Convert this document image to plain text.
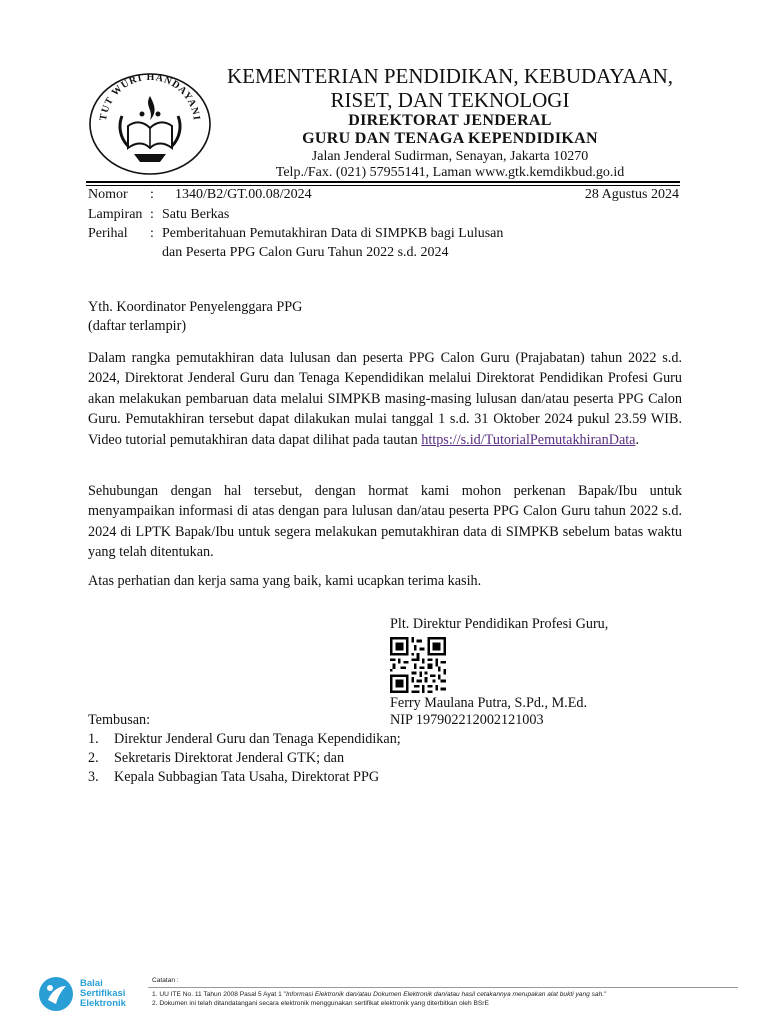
TUT WURI HANDAYANI
KEMENTERIAN PENDIDIKAN, KEBUDAYAAN,
RISET, DAN TEKNOLOGI
DIREKTORAT JENDERAL
GURU DAN TENAGA KEPENDIDIKAN
Jalan Jenderal Sudirman, Senayan, Jakarta 10270
Telp./Fax. (021) 57955141, Laman www.gtk.kemdikbud.go.id
Nomor : 1340/B2/GT.00.08/2024	28 Agustus 2024
Lampiran : Satu Berkas
Perihal : Pemberitahuan Pemutakhiran Data di SIMPKB bagi Lulusan
dan Peserta PPG Calon Guru Tahun 2022 s.d. 2024
Yth. Koordinator Penyelenggara PPG
(daftar terlampir)
Dalam rangka pemutakhiran data lulusan dan peserta PPG Calon Guru (Prajabatan) tahun 2022 s.d. 2024, Direktorat Jenderal Guru dan Tenaga Kependidikan melalui Direktorat Pendidikan Profesi Guru akan melakukan pembaruan data melalui SIMPKB masing-masing lulusan dan/atau peserta PPG Calon Guru. Pemutakhiran tersebut dapat dilakukan mulai tanggal 1 s.d. 31 Oktober 2024 pukul 23.59 WIB. Video tutorial pemutakhiran data dapat dilihat pada tautan https://s.id/TutorialPemutakhiranData.
Sehubungan dengan hal tersebut, dengan hormat kami mohon perkenan Bapak/Ibu untuk menyampaikan informasi di atas dengan para lulusan dan/atau peserta PPG Calon Guru tahun 2022 s.d. 2024 di LPTK Bapak/Ibu untuk segera melakukan pemutakhiran data di SIMPKB sebelum batas waktu yang telah ditentukan.
Atas perhatian dan kerja sama yang baik, kami ucapkan terima kasih.
Plt. Direktur Pendidikan Profesi Guru,
Ferry Maulana Putra, S.Pd., M.Ed.
NIP 197902212002121003
Tembusan:
1. Direktur Jenderal Guru dan Tenaga Kependidikan;
2. Sekretaris Direktorat Jenderal GTK; dan
3. Kepala Subbagian Tata Usaha, Direktorat PPG
Balai
Sertifikasi
Elektronik
Catatan :
1. UU ITE No. 11 Tahun 2008 Pasal 5 Ayat 1 "Informasi Elektronik dan/atau Dokumen Elektronik dan/atau hasil cetakannya merupakan alat bukti yang sah."
2. Dokumen ini telah ditandatangani secara elektronik menggunakan sertifikat elektronik yang diterbitkan oleh BSrE
